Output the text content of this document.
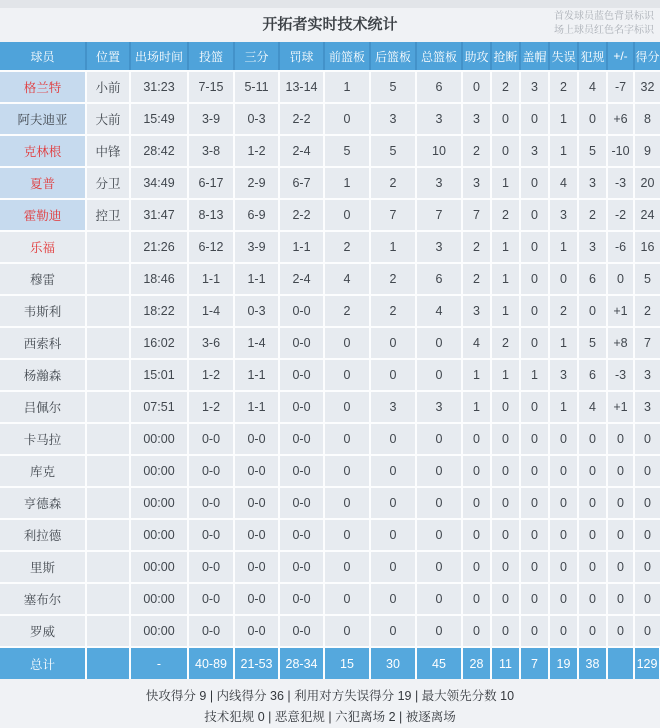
开拓者实时技术统计	首发球员蓝色背景标识
场上球员红色名字标识
球员	位置	出场时间	投篮	三分	罚球	前篮板	后篮板	总篮板	助攻	抢断	盖帽	失误	犯规	+/-	得分
格兰特	小前	31:23	7-15	5-11	13-14	1	5	6	0	2	3	2	4	-7	32
阿夫迪亚	大前	15:49	3-9	0-3	2-2	0	3	3	3	0	0	1	0	+6	8
克林根	中锋	28:42	3-8	1-2	2-4	5	5	10	2	0	3	1	5	-10	9
夏普	分卫	34:49	6-17	2-9	6-7	1	2	3	3	1	0	4	3	-3	20
霍勒迪	控卫	31:47	8-13	6-9	2-2	0	7	7	7	2	0	3	2	-2	24
乐福		21:26	6-12	3-9	1-1	2	1	3	2	1	0	1	3	-6	16
穆雷		18:46	1-1	1-1	2-4	4	2	6	2	1	0	0	6	0	5
韦斯利		18:22	1-4	0-3	0-0	2	2	4	3	1	0	2	0	+1	2
西索科		16:02	3-6	1-4	0-0	0	0	0	4	2	0	1	5	+8	7
杨瀚森		15:01	1-2	1-1	0-0	0	0	0	1	1	1	3	6	-3	3
吕佩尔		07:51	1-2	1-1	0-0	0	3	3	1	0	0	1	4	+1	3
卡马拉		00:00	0-0	0-0	0-0	0	0	0	0	0	0	0	0	0	0
库克		00:00	0-0	0-0	0-0	0	0	0	0	0	0	0	0	0	0
亨德森		00:00	0-0	0-0	0-0	0	0	0	0	0	0	0	0	0	0
利拉德		00:00	0-0	0-0	0-0	0	0	0	0	0	0	0	0	0	0
里斯		00:00	0-0	0-0	0-0	0	0	0	0	0	0	0	0	0	0
塞布尔		00:00	0-0	0-0	0-0	0	0	0	0	0	0	0	0	0	0
罗威		00:00	0-0	0-0	0-0	0	0	0	0	0	0	0	0	0	0
总计		-	40-89	21-53	28-34	15	30	45	28	11	7	19	38		129
快攻得分 9 | 内线得分 36 | 利用对方失误得分 19 | 最大领先分数 10
技术犯规 0 | 恶意犯规 | 六犯离场 2 | 被逐离场
